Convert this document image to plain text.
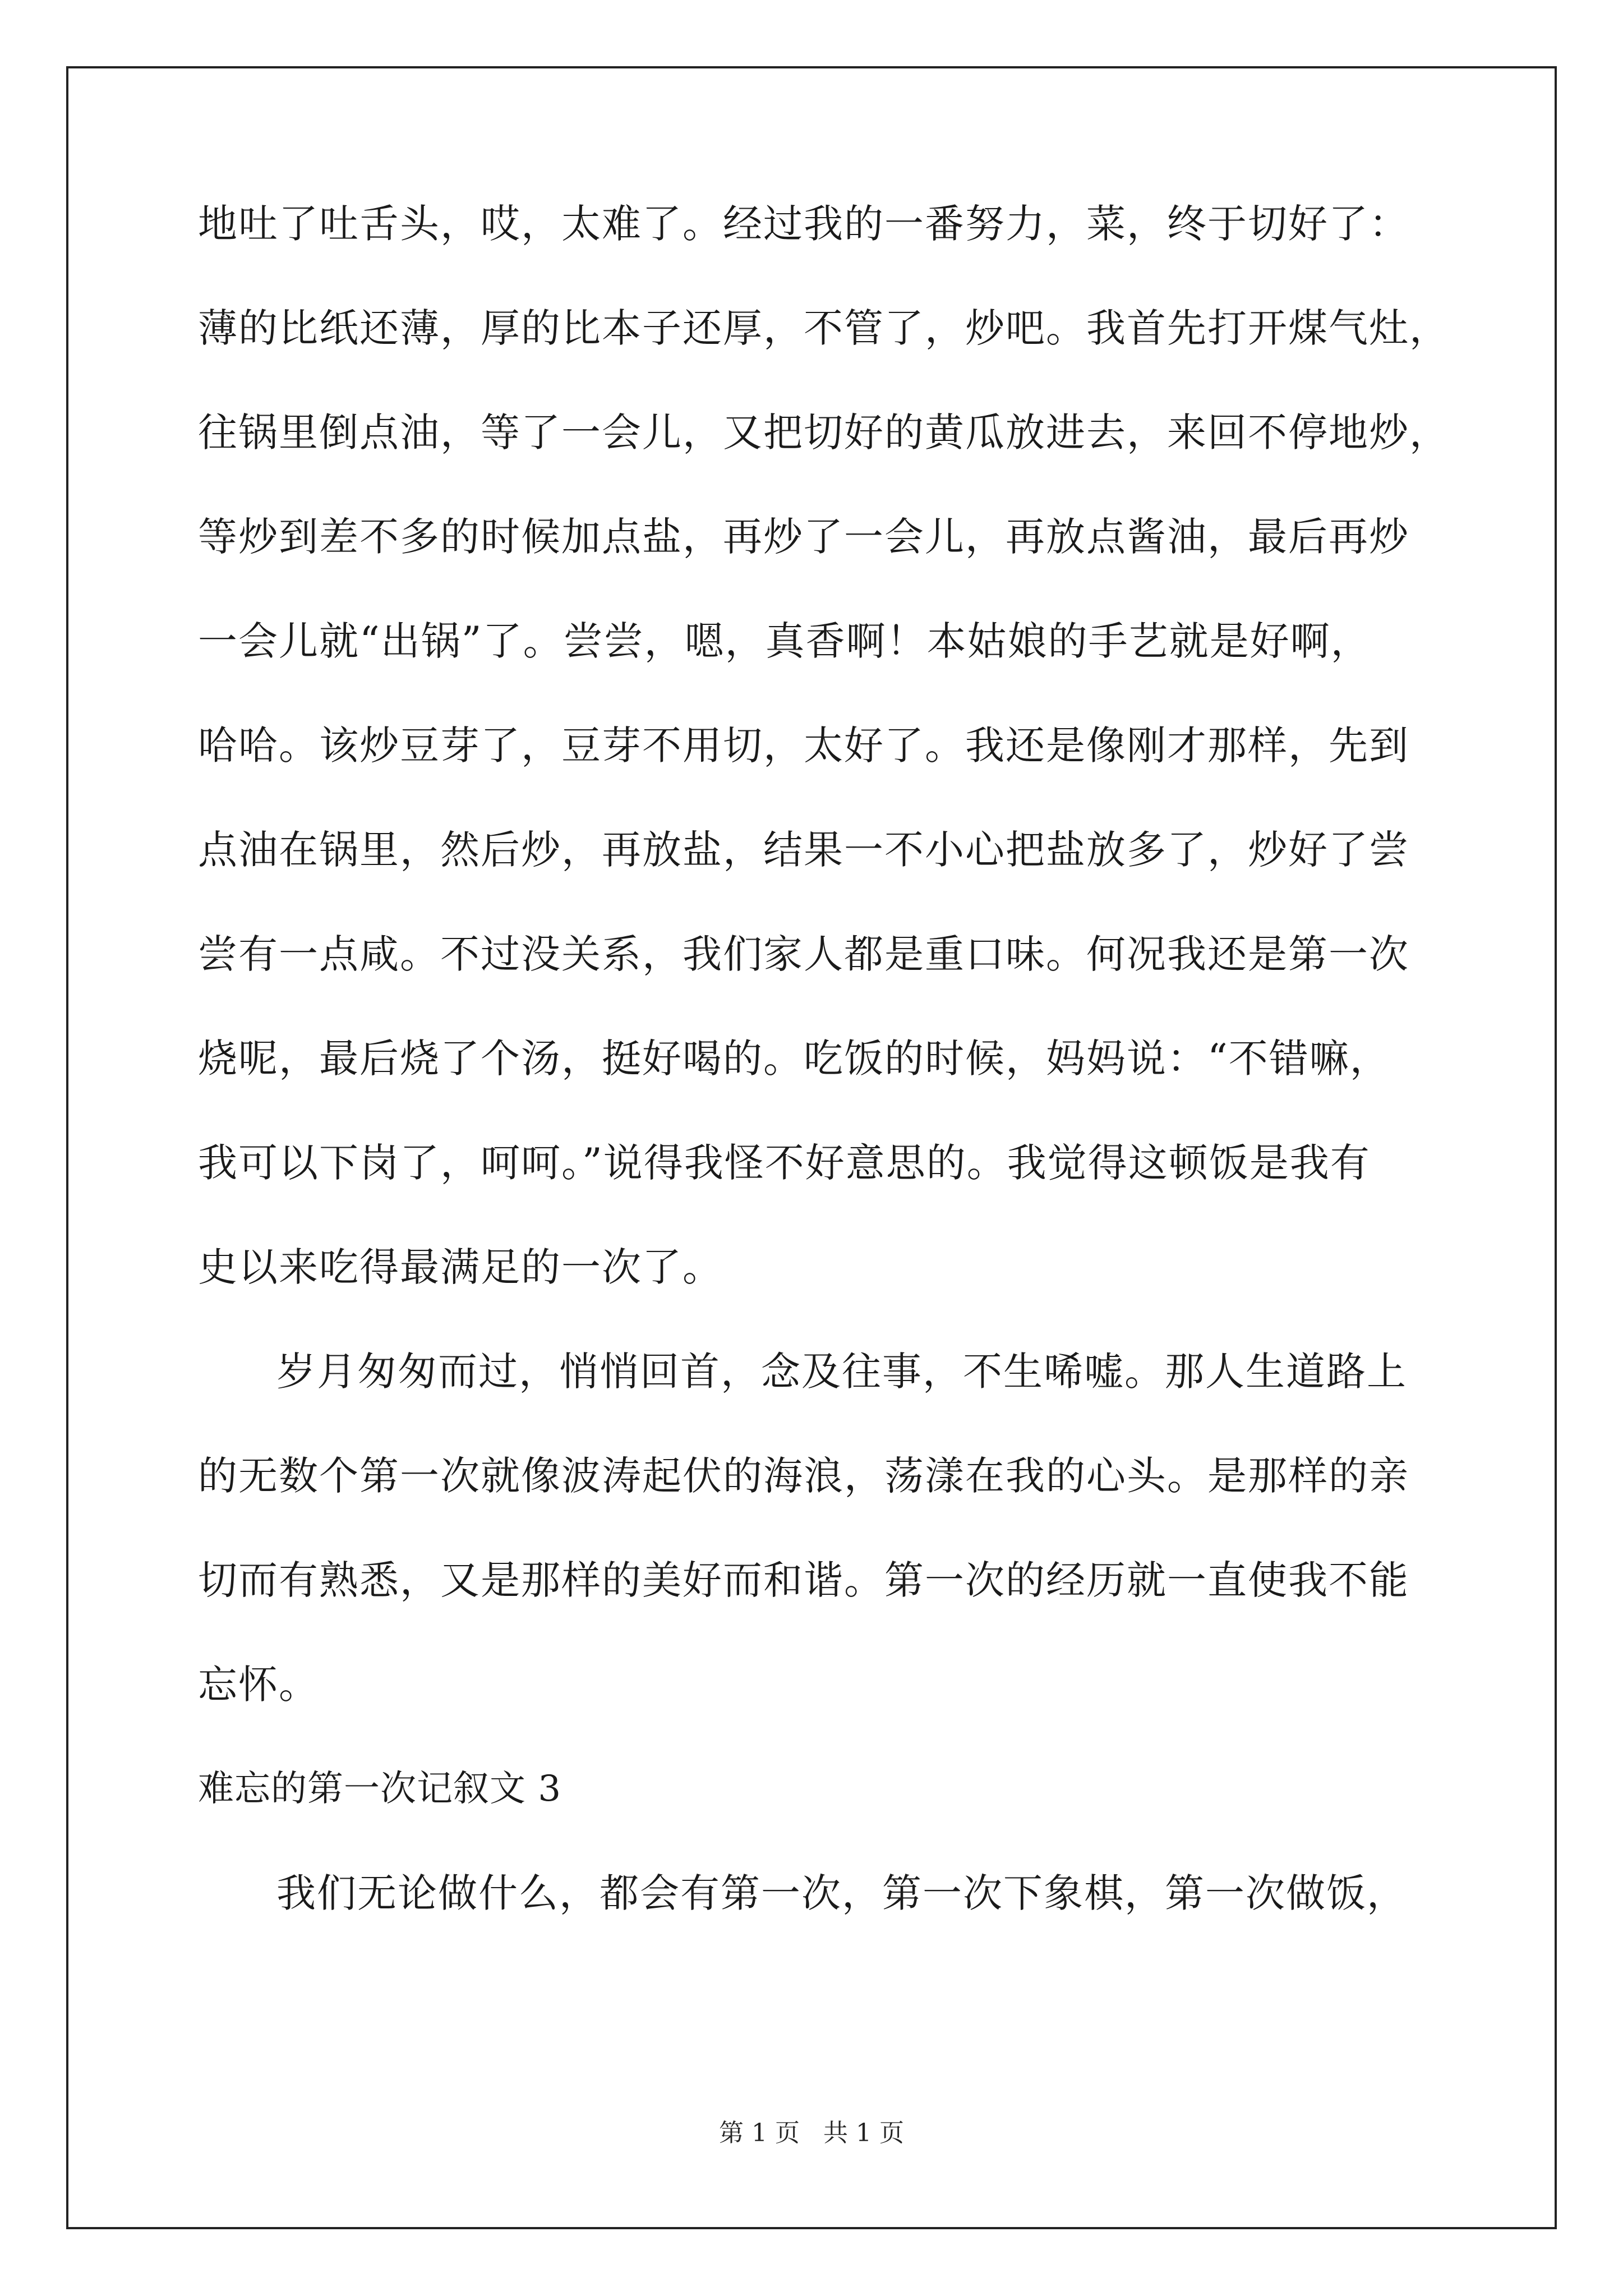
地吐了吐舌头，哎，太难了。经过我的一番努力，菜，终于切好了：
薄的比纸还薄，厚的比本子还厚，不管了，炒吧。我首先打开煤气灶，
往锅里倒点油，等了一会儿，又把切好的黄瓜放进去，来回不停地炒，
等炒到差不多的时候加点盐，再炒了一会儿，再放点酱油，最后再炒
一会儿就“出锅”了。尝尝，嗯，真香啊！本姑娘的手艺就是好啊，
哈哈。该炒豆芽了，豆芽不用切，太好了。我还是像刚才那样，先到
点油在锅里，然后炒，再放盐，结果一不小心把盐放多了，炒好了尝
尝有一点咸。不过没关系，我们家人都是重口味。何况我还是第一次
烧呢，最后烧了个汤，挺好喝的。吃饭的时候，妈妈说：“不错嘛，
我可以下岗了，呵呵。”说得我怪不好意思的。我觉得这顿饭是我有
史以来吃得最满足的一次了。
岁月匆匆而过，悄悄回首，念及往事，不生唏嘘。那人生道路上
的无数个第一次就像波涛起伏的海浪，荡漾在我的心头。是那样的亲
切而有熟悉，又是那样的美好而和谐。第一次的经历就一直使我不能
忘怀。
难忘的第一次记叙文 3
我们无论做什么，都会有第一次，第一次下象棋，第一次做饭，
第 1 页   共 1 页
